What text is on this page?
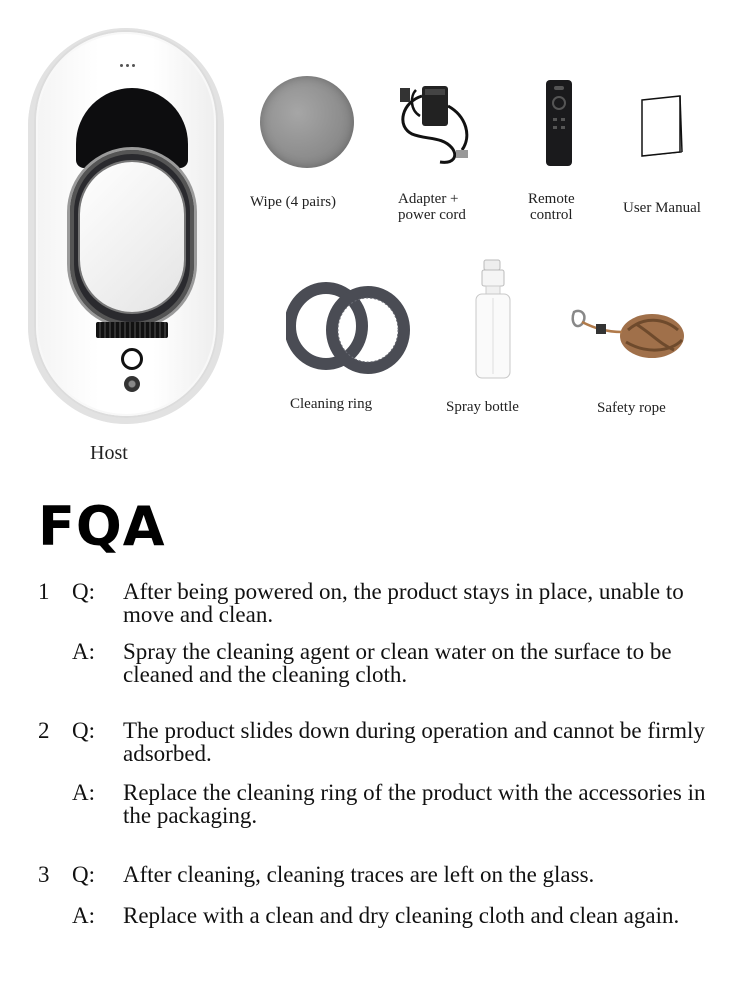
Host
Wipe (4 pairs)	Adapter +
power cord
Remote
control	User Manual
Cleaning ring	Spray bottle	Safety rope
FQA
1 Q: After being powered on, the product stays in place, unable to move and clean.
A: Spray the cleaning agent or clean water on the surface to be cleaned and the cleaning cloth.
2 Q: The product slides down during operation and cannot be firmly adsorbed.
A: Replace the cleaning ring of the product with the accessories in the packaging.
3 Q: After cleaning, cleaning traces are left on the glass.
A: Replace with a clean and dry cleaning cloth and clean again.
